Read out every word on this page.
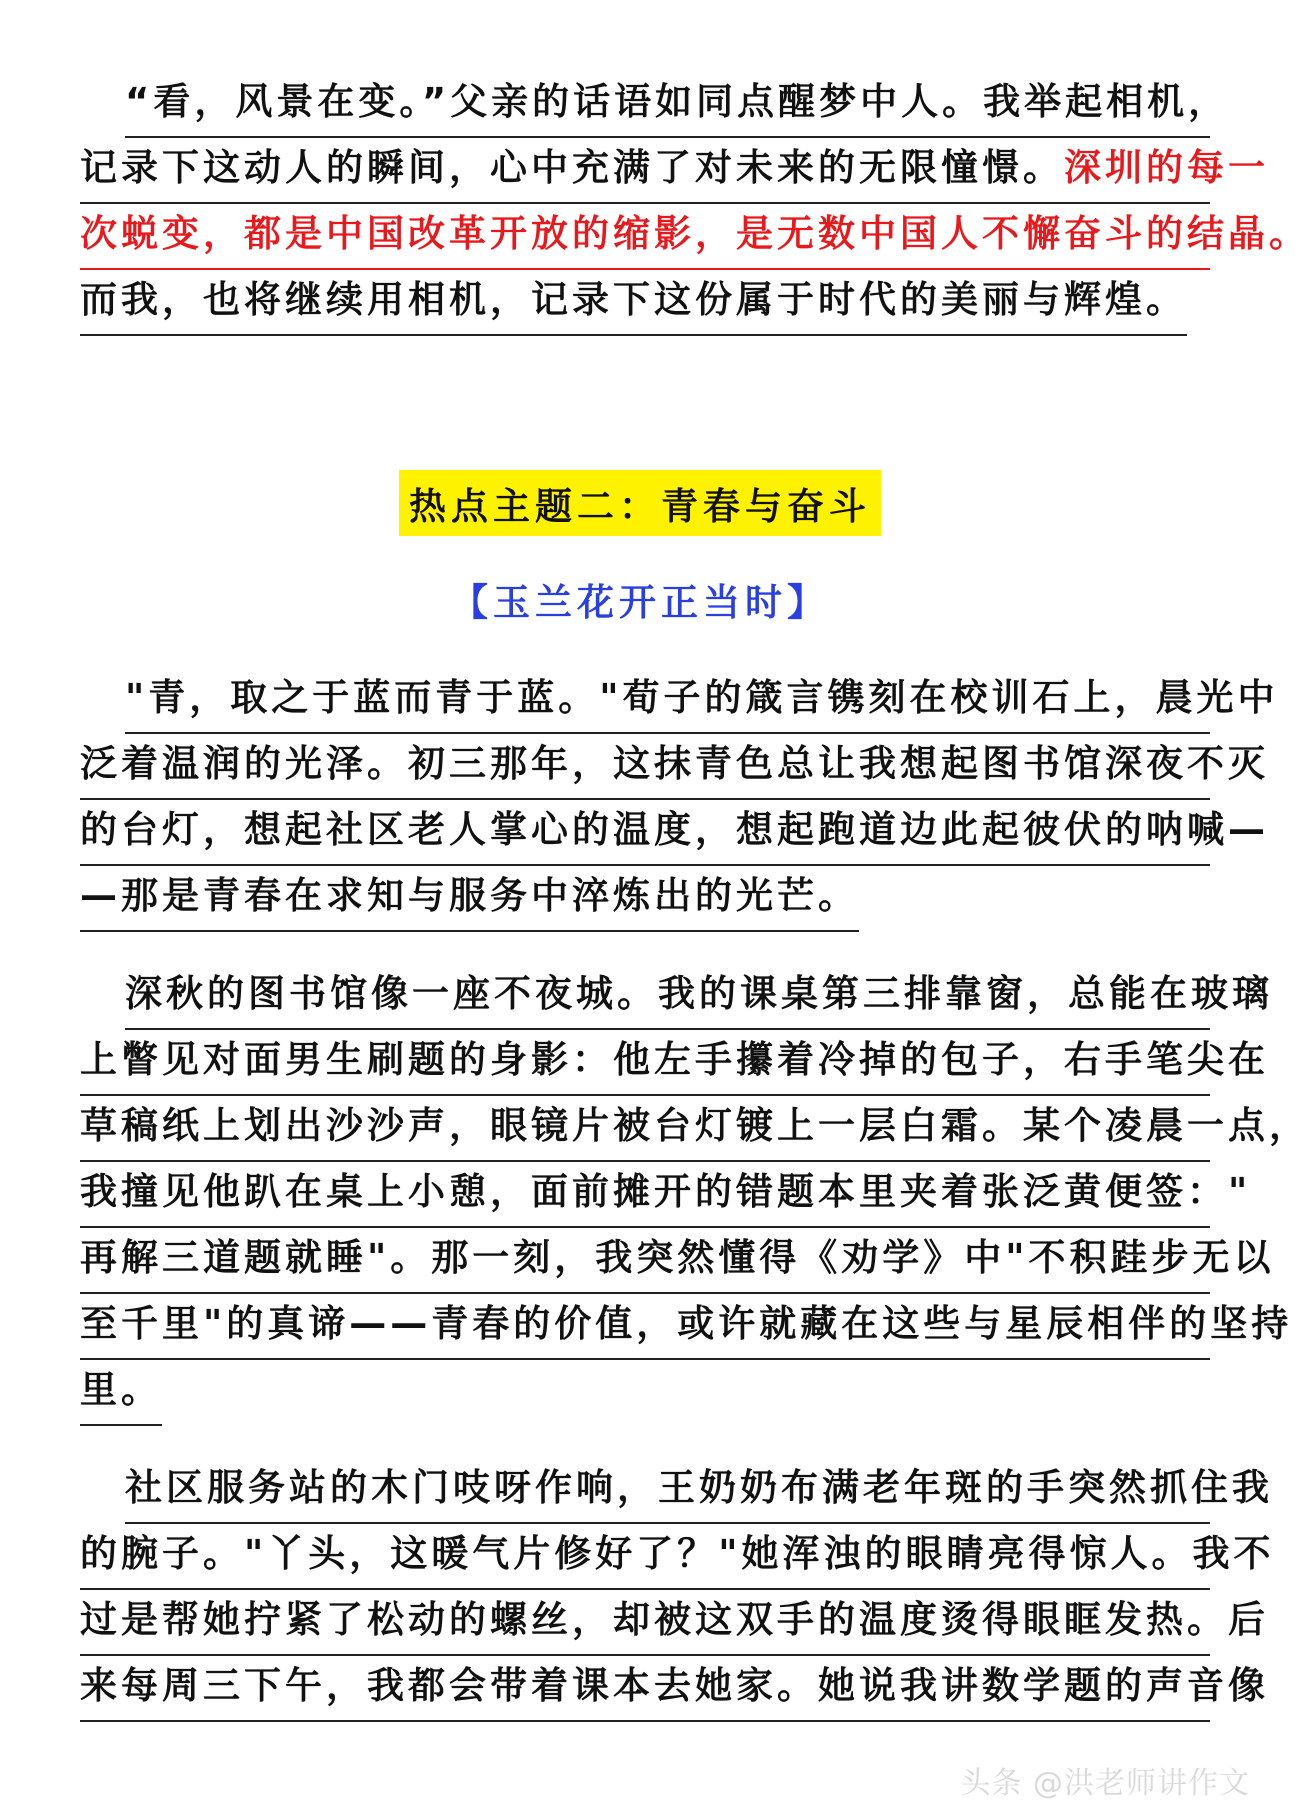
“看，风景在变。”父亲的话语如同点醒梦中人。我举起相机，
记录下这动人的瞬间，心中充满了对未来的无限憧憬。深圳的每一
次蜕变，都是中国改革开放的缩影，是无数中国人不懈奋斗的结晶。
而我，也将继续用相机，记录下这份属于时代的美丽与辉煌。
热点主题二：青春与奋斗
【玉兰花开正当时】
"青，取之于蓝而青于蓝。"荀子的箴言镌刻在校训石上，晨光中
泛着温润的光泽。初三那年，这抹青色总让我想起图书馆深夜不灭
的台灯，想起社区老人掌心的温度，想起跑道边此起彼伏的呐喊—
—那是青春在求知与服务中淬炼出的光芒。
深秋的图书馆像一座不夜城。我的课桌第三排靠窗，总能在玻璃
上瞥见对面男生刷题的身影：他左手攥着冷掉的包子，右手笔尖在
草稿纸上划出沙沙声，眼镜片被台灯镀上一层白霜。某个凌晨一点，
我撞见他趴在桌上小憩，面前摊开的错题本里夹着张泛黄便签："
再解三道题就睡"。那一刻，我突然懂得《劝学》中"不积跬步无以
至千里"的真谛——青春的价值，或许就藏在这些与星辰相伴的坚持
里。
社区服务站的木门吱呀作响，王奶奶布满老年斑的手突然抓住我
的腕子。"丫头，这暖气片修好了？"她浑浊的眼睛亮得惊人。我不
过是帮她拧紧了松动的螺丝，却被这双手的温度烫得眼眶发热。后
来每周三下午，我都会带着课本去她家。她说我讲数学题的声音像
头条 @洪老师讲作文
